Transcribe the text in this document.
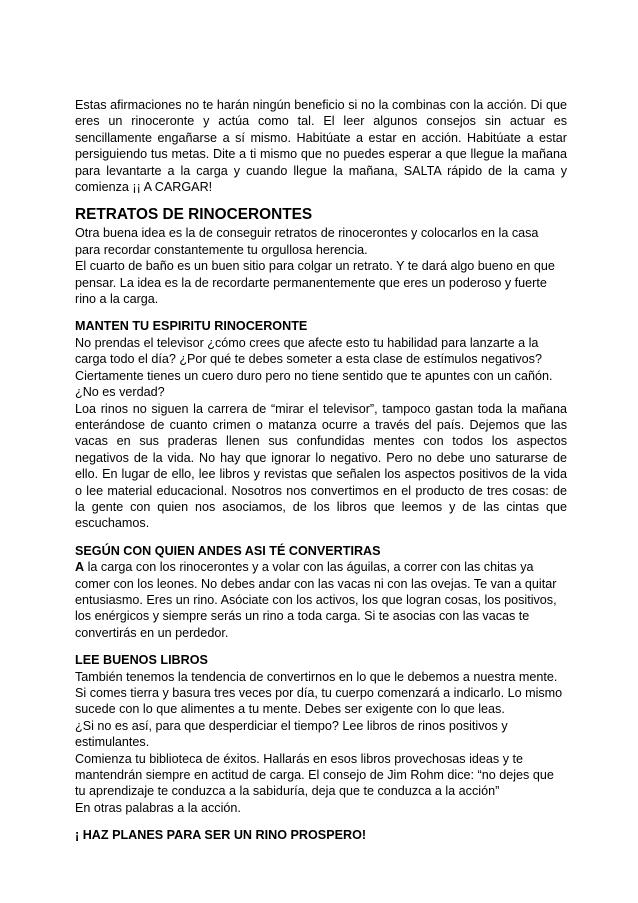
Estas afirmaciones no te harán ningún beneficio si no la combinas con la acción. Di que eres un rinoceronte y actúa como tal. El leer algunos consejos sin actuar es sencillamente engañarse a sí mismo. Habitúate a estar en acción. Habitúate a estar persiguiendo tus metas. Dite a ti mismo que no puedes esperar a que llegue la mañana para levantarte a la carga y cuando llegue la mañana, SALTA rápido de la cama y comienza ¡¡ A CARGAR!

RETRATOS DE RINOCERONTES

Otra buena idea es la de conseguir retratos de rinocerontes y colocarlos en la casa para recordar constantemente tu orgullosa herencia.

El cuarto de baño es un buen sitio para colgar un retrato. Y te dará algo bueno en que pensar. La idea es la de recordarte permanentemente que eres un poderoso y fuerte rino a la carga.

MANTEN TU ESPIRITU RINOCERONTE

No prendas el televisor ¿cómo crees que afecte esto tu habilidad para lanzarte a la carga todo el día? ¿Por qué te debes someter a esta clase de estímulos negativos? Ciertamente tienes un cuero duro pero no tiene sentido que te apuntes con un cañón. ¿No es verdad?

Loa rinos no siguen la carrera de “mirar el televisor”, tampoco gastan toda la mañana enterándose de cuanto crimen o matanza ocurre a través del país. Dejemos que las vacas en sus praderas llenen sus confundidas mentes con todos los aspectos negativos de la vida. No hay que ignorar lo negativo. Pero no debe uno saturarse de ello. En lugar de ello, lee libros y revistas que señalen los aspectos positivos de la vida o lee material educacional. Nosotros nos convertimos en el producto de tres cosas: de la gente con quien nos asociamos, de los libros que leemos y de las cintas que escuchamos.

SEGÚN CON QUIEN ANDES ASI TÉ CONVERTIRAS

A la carga con los rinocerontes y a volar con las águilas, a correr con las chitas ya comer con los leones. No debes andar con las vacas ni con las ovejas. Te van a quitar entusiasmo. Eres un rino. Asóciate con los activos, los que logran cosas, los positivos, los enérgicos y siempre serás un rino a toda carga. Si te asocias con las vacas te convertirás en un perdedor.

LEE BUENOS LIBROS

También tenemos la tendencia de convertirnos en lo que le debemos a nuestra mente. Si comes tierra y basura tres veces por día, tu cuerpo comenzará a indicarlo. Lo mismo sucede con lo que alimentes a tu mente. Debes ser exigente con lo que leas.

¿Si no es así, para que desperdiciar el tiempo? Lee libros de rinos positivos y estimulantes.

Comienza tu biblioteca de éxitos. Hallarás en esos libros provechosas ideas y te mantendrán siempre en actitud de carga. El consejo de Jim Rohm dice: “no dejes que tu aprendizaje te conduzca a la sabiduría, deja que te conduzca a la acción”

En otras palabras a la acción.

¡ HAZ PLANES PARA SER UN RINO PROSPERO!
